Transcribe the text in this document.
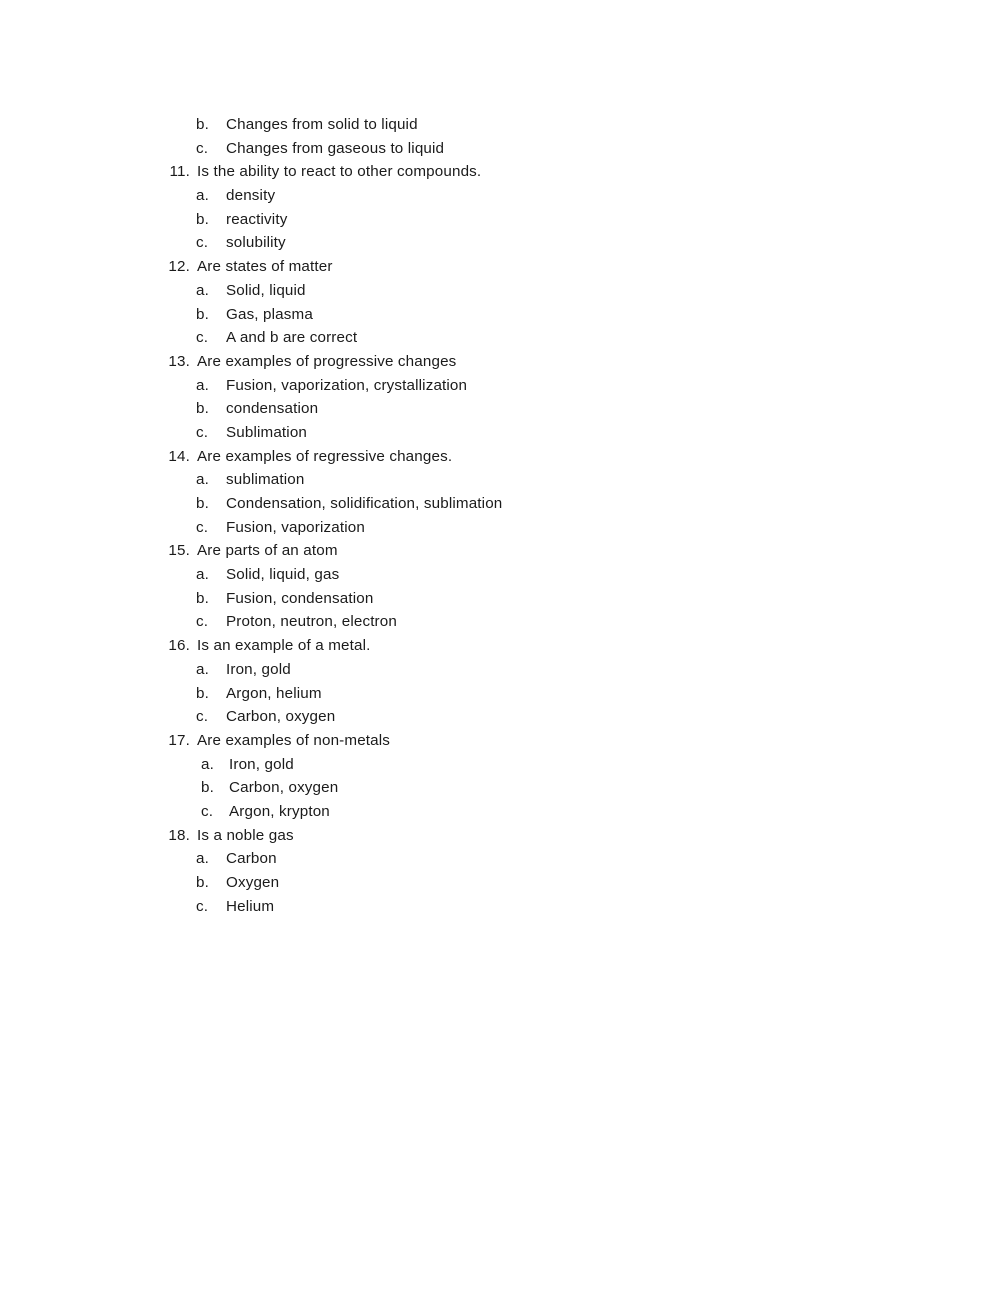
b.	Changes from solid to liquid
c.	Changes from gaseous to liquid
11. Is the ability to react to other compounds.
a.	density
b.	reactivity
c.	solubility
12. Are states of matter
a.	Solid, liquid
b.	Gas, plasma
c.	A and b are correct
13. Are examples of progressive changes
a.	Fusion, vaporization, crystallization
b.	condensation
c.	Sublimation
14. Are examples of regressive changes.
a.	sublimation
b.	Condensation, solidification, sublimation
c.	Fusion, vaporization
15. Are parts of an atom
a.	Solid, liquid, gas
b.	Fusion, condensation
c.	Proton, neutron, electron
16. Is an example of a metal.
a.	Iron, gold
b.	Argon, helium
c.	Carbon, oxygen
17. Are examples of non-metals
a. Iron, gold
b. Carbon, oxygen
c.	Argon, krypton
18. Is a noble gas
a.	Carbon
b.	Oxygen
c.	Helium
